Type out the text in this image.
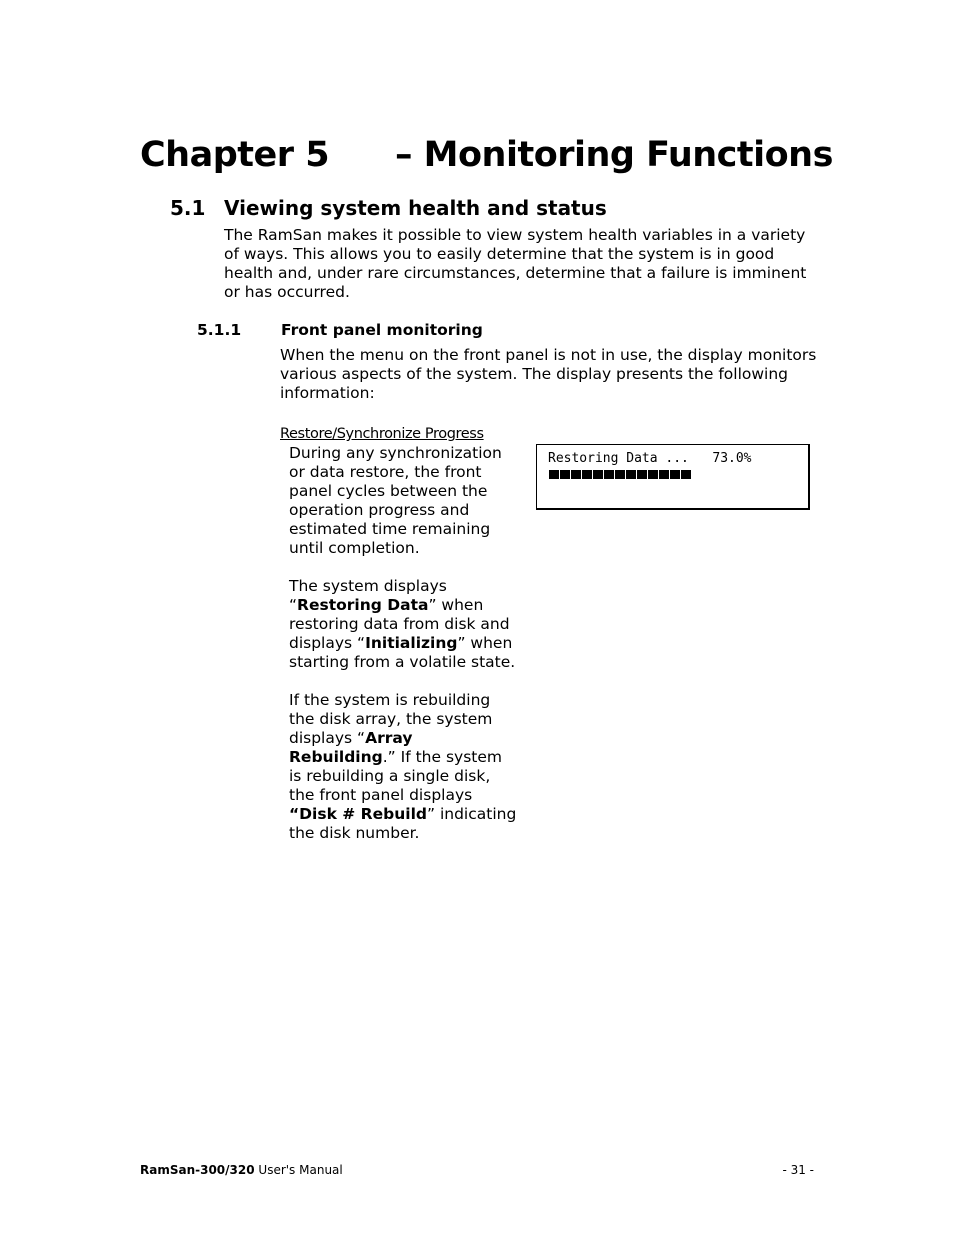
Chapter 5 – Monitoring Functions
5.1 Viewing system health and status

The RamSan makes it possible to view system health variables in a variety of ways. This allows you to easily determine that the system is in good health and, under rare circumstances, determine that a failure is imminent or has occurred.

5.1.1	Front panel monitoring

When the menu on the front panel is not in use, the display monitors various aspects of the system. The display presents the following information:

Restore/Synchronize Progress

During any synchronization or data restore, the front panel cycles between the operation progress and estimated time remaining until completion.

The system displays “Restoring Data” when restoring data from disk and displays “Initializing” when starting from a volatile state.

If the system is rebuilding the disk array, the system displays “Array Rebuilding.” If the system is rebuilding a single disk, the front panel displays “Disk # Rebuild” indicating the disk number.

Restoring Data ... 73.0%
RamSan-300/320 User's Manual	- 31 -
